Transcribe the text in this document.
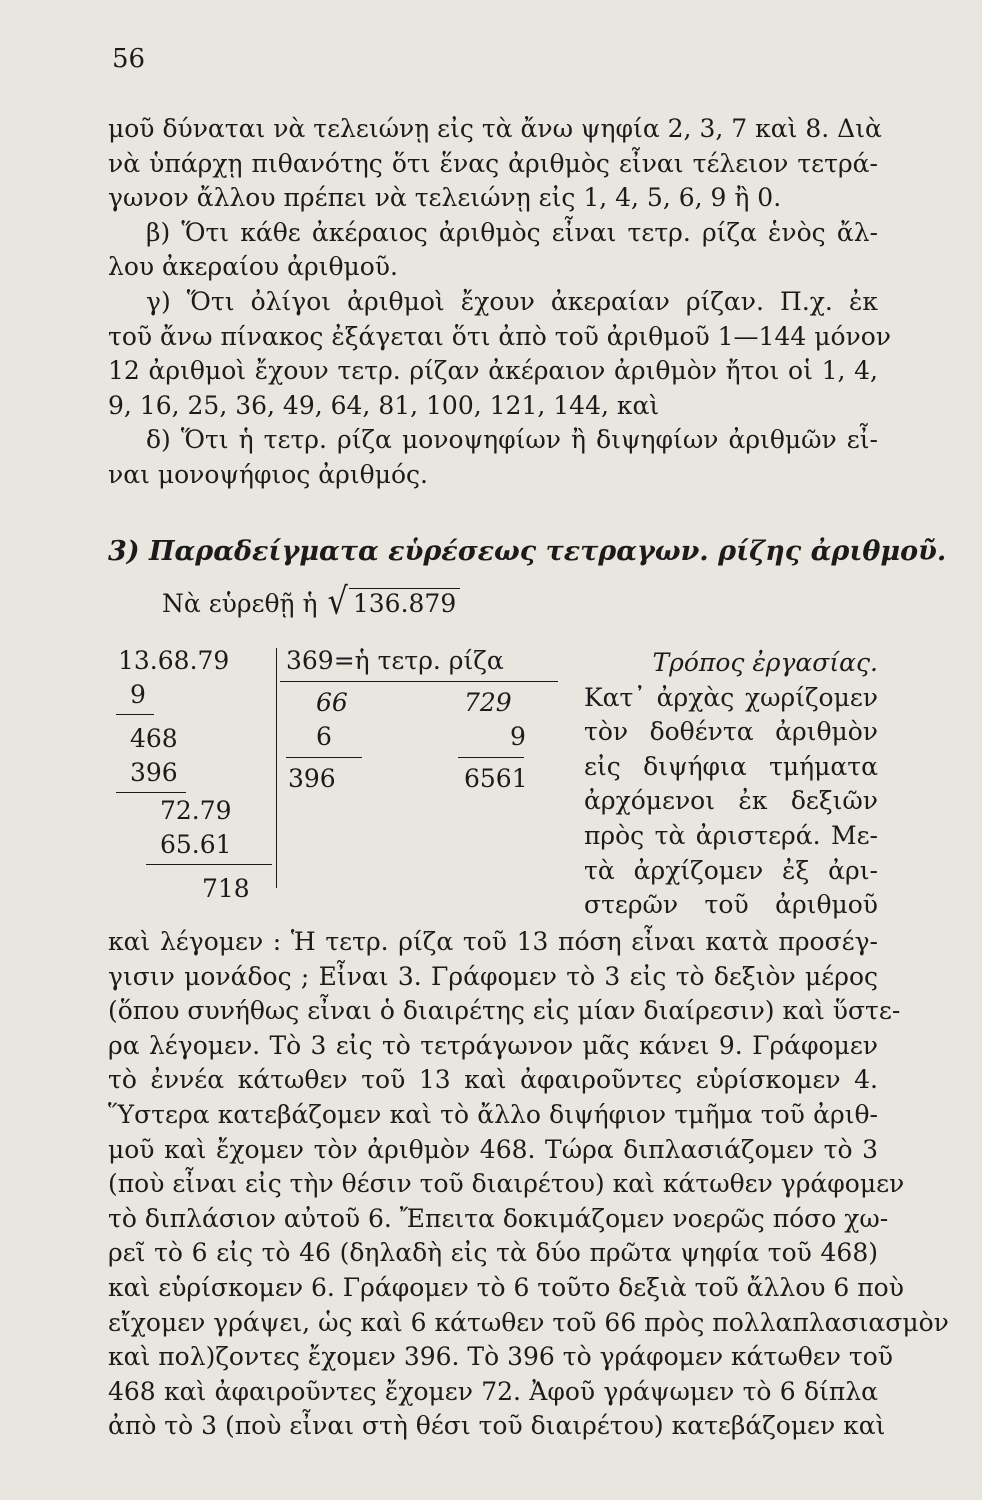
56
μοῦ δύναται νὰ τελειώνῃ εἰς τὰ ἄνω ψηφία 2, 3, 7 καὶ 8. Διὰ
νὰ ὑπάρχῃ πιθανότης ὅτι ἕνας ἀριθμὸς εἶναι τέλειον τετρά-
γωνον ἄλλου πρέπει νὰ τελειώνῃ εἰς 1, 4, 5, 6, 9 ἢ 0.
β) Ὅτι κάθε ἀκέραιος ἀριθμὸς εἶναι τετρ. ρίζα ἑνὸς ἄλ-
λου ἀκεραίου ἀριθμοῦ.
γ) Ὅτι ὀλίγοι ἀριθμοὶ ἔχουν ἀκεραίαν ρίζαν. Π.χ. ἐκ
τοῦ ἄνω πίνακος ἐξάγεται ὅτι ἀπὸ τοῦ ἀριθμοῦ 1—144 μόνον
12 ἀριθμοὶ ἔχουν τετρ. ρίζαν ἀκέραιον ἀριθμὸν ἤτοι οἱ 1, 4,
9, 16, 25, 36, 49, 64, 81, 100, 121, 144, καὶ
δ) Ὅτι ἡ τετρ. ρίζα μονοψηφίων ἢ διψηφίων ἀριθμῶν εἶ-
ναι μονοψήφιος ἀριθμός.
3) Παραδείγματα εὑρέσεως τετραγων. ρίζης ἀριθμοῦ.
Νὰ εὑρεθῇ ἡ √ 136.879
13.68.79
9
468
396
72.79
65.61
718
369=ἡ τετρ. ρίζα
66	729
6	9
396	6561
Τρόπος ἐργασίας.
Κατ᾿ ἀρχὰς χωρίζομεν
τὸν δοθέντα ἀριθμὸν
εἰς διψήφια τμήματα
ἀρχόμενοι ἐκ δεξιῶν
πρὸς τὰ ἀριστερά. Με-
τὰ ἀρχίζομεν ἐξ ἀρι-
στερῶν τοῦ ἀριθμοῦ
καὶ λέγομεν : Ἡ τετρ. ρίζα τοῦ 13 πόση εἶναι κατὰ προσέγ-
γισιν μονάδος ; Εἶναι 3. Γράφομεν τὸ 3 εἰς τὸ δεξιὸν μέρος
(ὅπου συνήθως εἶναι ὁ διαιρέτης εἰς μίαν διαίρεσιν) καὶ ὕστε-
ρα λέγομεν. Τὸ 3 εἰς τὸ τετράγωνον μᾶς κάνει 9. Γράφομεν
τὸ ἐννέα κάτωθεν τοῦ 13 καὶ ἀφαιροῦντες εὑρίσκομεν 4.
Ὕστερα κατεβάζομεν καὶ τὸ ἄλλο διψήφιον τμῆμα τοῦ ἀριθ-
μοῦ καὶ ἔχομεν τὸν ἀριθμὸν 468. Τώρα διπλασιάζομεν τὸ 3
(ποὺ εἶναι εἰς τὴν θέσιν τοῦ διαιρέτου) καὶ κάτωθεν γράφομεν
τὸ διπλάσιον αὐτοῦ 6. Ἔπειτα δοκιμάζομεν νοερῶς πόσο χω-
ρεῖ τὸ 6 εἰς τὸ 46 (δηλαδὴ εἰς τὰ δύο πρῶτα ψηφία τοῦ 468)
καὶ εὑρίσκομεν 6. Γράφομεν τὸ 6 τοῦτο δεξιὰ τοῦ ἄλλου 6 ποὺ
εἴχομεν γράψει, ὡς καὶ 6 κάτωθεν τοῦ 66 πρὸς πολλαπλασιασμὸν
καὶ πολ)ζοντες ἔχομεν 396. Τὸ 396 τὸ γράφομεν κάτωθεν τοῦ
468 καὶ ἀφαιροῦντες ἔχομεν 72. Ἀφοῦ γράψωμεν τὸ 6 δίπλα
ἀπὸ τὸ 3 (ποὺ εἶναι στὴ θέσι τοῦ διαιρέτου) κατεβάζομεν καὶ
